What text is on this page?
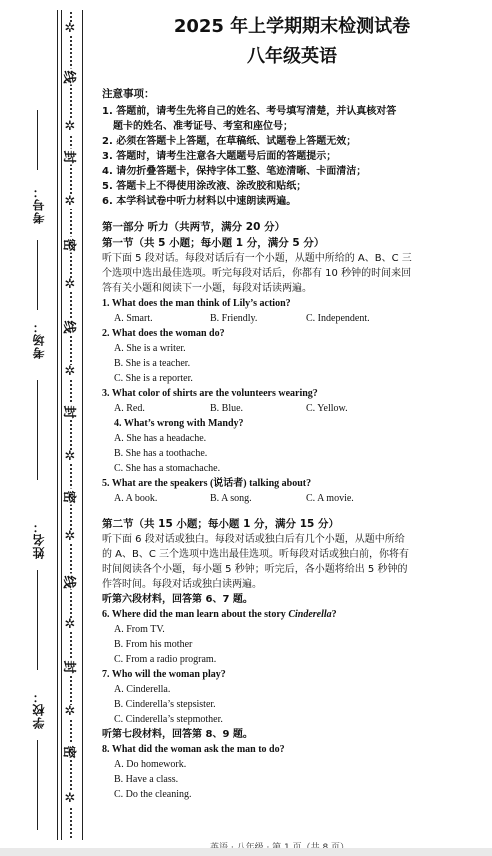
考号：
考场：
姓名：
学校：
✲
线
✲
封
✲
密
✲
线
✲
封
✲
密
✲
线
✲
封
✲
密
✲
2025 年上学期期末检测试卷
八年级英语
注意事项：
1. 答题前，请考生先将自己的姓名、考号填写清楚，并认真核对答
题卡的姓名、准考证号、考室和座位号；
2. 必须在答题卡上答题，在草稿纸、试题卷上答题无效；
3. 答题时，请考生注意各大题题号后面的答题提示；
4. 请勿折叠答题卡，保持字体工整、笔迹清晰、卡面清洁；
5. 答题卡上不得使用涂改液、涂改胶和贴纸；
6. 本学科试卷中听力材料以中速朗读两遍。
第一部分 听力（共两节，满分 20 分）
第一节（共 5 小题；每小题 1 分，满分 5 分）
听下面 5 段对话。每段对话后有一个小题，从题中所给的 A、B、C 三
个选项中选出最佳选项。听完每段对话后，你都有 10 秒钟的时间来回
答有关小题和阅读下一小题，每段对话读两遍。
1. What does the man think of Lily’s action?
A. Smart.	B. Friendly.	C. Independent.
2. What does the woman do?
A. She is a writer.
B. She is a teacher.
C. She is a reporter.
3. What color of shirts are the volunteers wearing?
A. Red.	B. Blue.	C. Yellow.
4. What’s wrong with Mandy?
A. She has a headache.
B. She has a toothache.
C. She has a stomachache.
5. What are the speakers (说话者) talking about?
A. A book.	B. A song.	C. A movie.
第二节（共 15 小题；每小题 1 分，满分 15 分）
听下面 6 段对话或独白。每段对话或独白后有几个小题，从题中所给
的 A、B、C 三个选项中选出最佳选项。听每段对话或独白前，你将有
时间阅读各个小题，每小题 5 秒钟；听完后，各小题将给出 5 秒钟的
作答时间。每段对话或独白读两遍。
听第六段材料，回答第 6、7 题。
6. Where did the man learn about the story Cinderella?
A. From TV.
B. From his mother
C. From a radio program.
7. Who will the woman play?
A. Cinderella.
B. Cinderella’s stepsister.
C. Cinderella’s stepmother.
听第七段材料，回答第 8、9 题。
8. What did the woman ask the man to do?
A. Do homework.
B. Have a class.
C. Do the cleaning.
